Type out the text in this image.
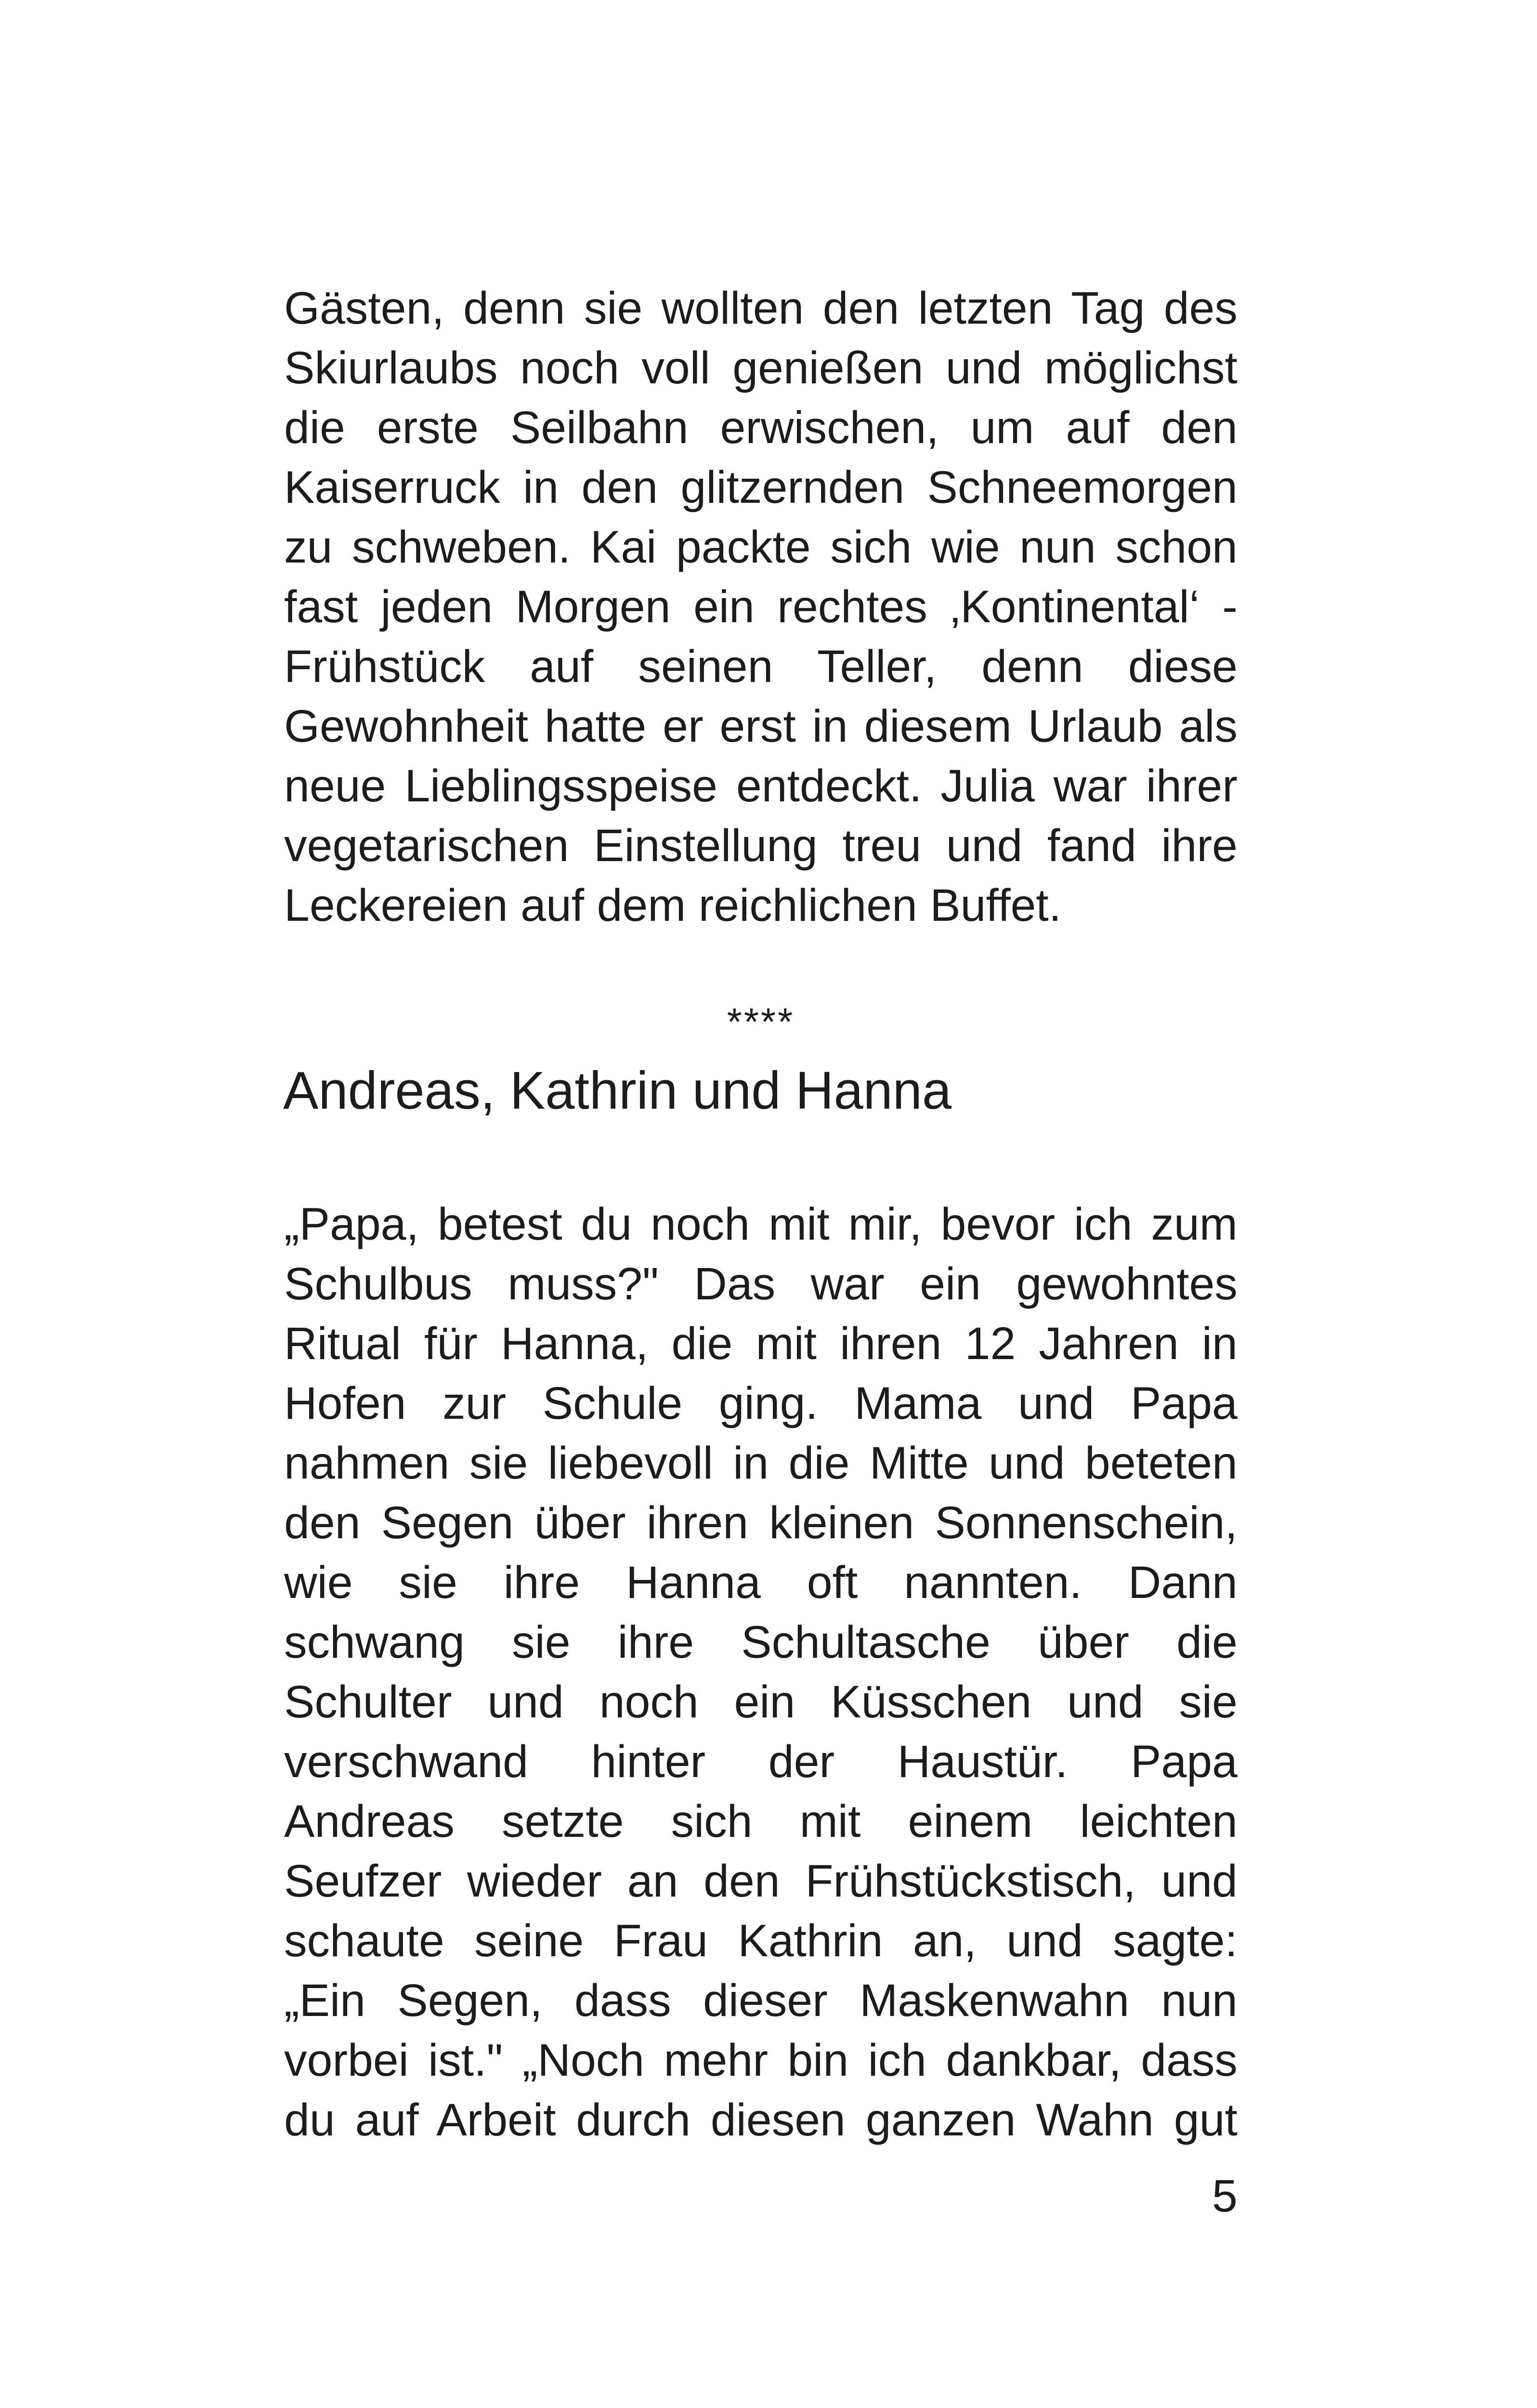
Gästen, denn sie wollten den letzten Tag des
Skiurlaubs noch voll genießen und möglichst
die erste Seilbahn erwischen, um auf den
Kaiserruck in den glitzernden Schneemorgen
zu schweben. Kai packte sich wie nun schon
fast jeden Morgen ein rechtes ‚Kontinental‘ -
Frühstück auf seinen Teller, denn diese
Gewohnheit hatte er erst in diesem Urlaub als
neue Lieblingsspeise entdeckt. Julia war ihrer
vegetarischen Einstellung treu und fand ihre
Leckereien auf dem reichlichen Buffet.
****
Andreas, Kathrin und Hanna
„Papa, betest du noch mit mir, bevor ich zum
Schulbus muss?" Das war ein gewohntes
Ritual für Hanna, die mit ihren 12 Jahren in
Hofen zur Schule ging. Mama und Papa
nahmen sie liebevoll in die Mitte und beteten
den Segen über ihren kleinen Sonnenschein,
wie sie ihre Hanna oft nannten. Dann
schwang sie ihre Schultasche über die
Schulter und noch ein Küsschen und sie
verschwand hinter der Haustür. Papa
Andreas setzte sich mit einem leichten
Seufzer wieder an den Frühstückstisch, und
schaute seine Frau Kathrin an, und sagte:
„Ein Segen, dass dieser Maskenwahn nun
vorbei ist." „Noch mehr bin ich dankbar, dass
du auf Arbeit durch diesen ganzen Wahn gut
5
